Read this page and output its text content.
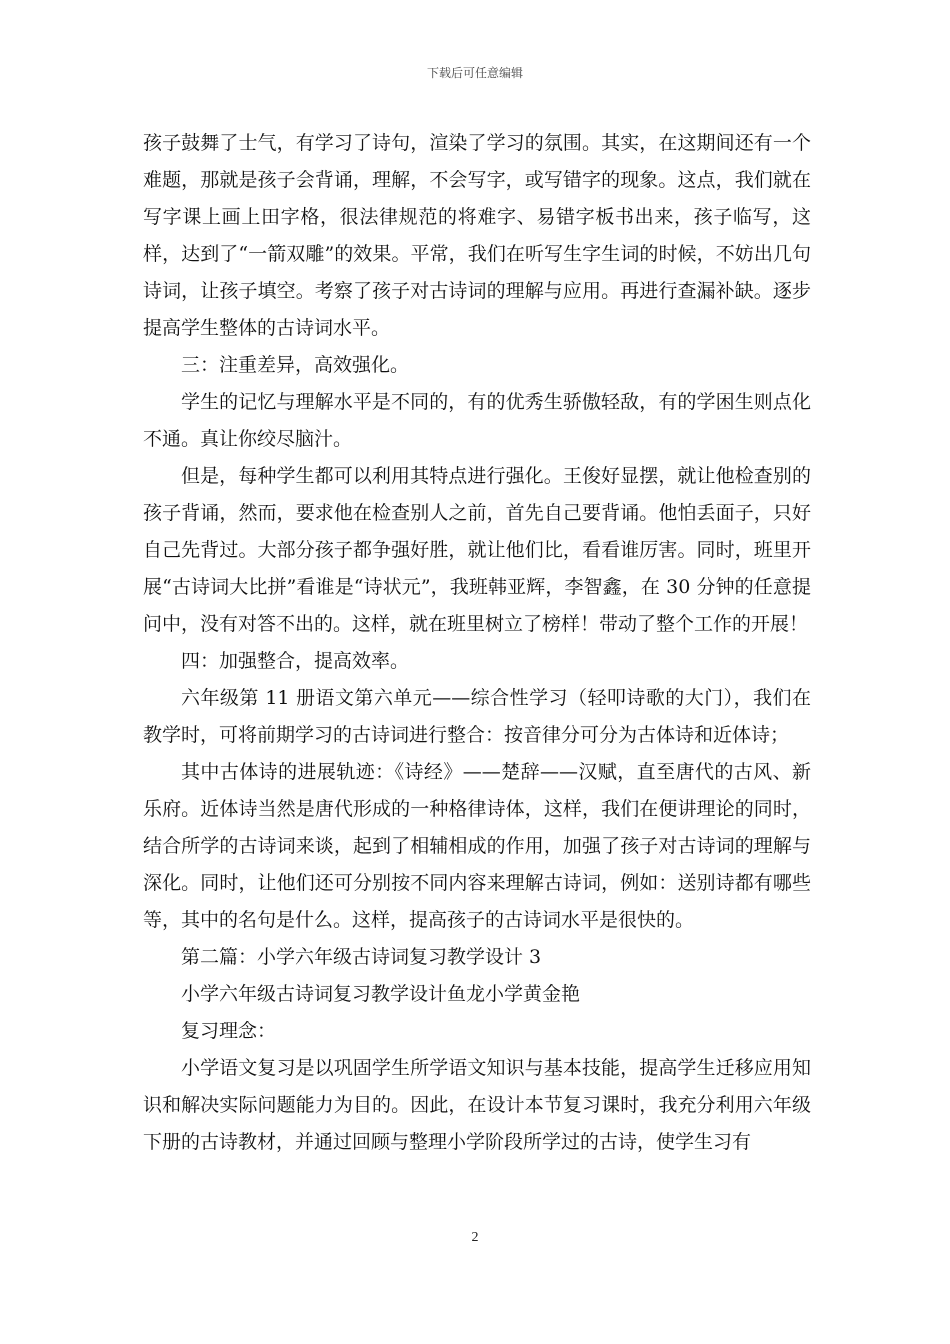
下载后可任意编辑

孩子鼓舞了士气，有学习了诗句，渲染了学习的氛围。其实，在这期间还有一个难题，那就是孩子会背诵，理解，不会写字，或写错字的现象。这点，我们就在写字课上画上田字格，很法律规范的将难字、易错字板书出来，孩子临写，这样，达到了“一箭双雕”的效果。平常，我们在听写生字生词的时候，不妨出几句诗词，让孩子填空。考察了孩子对古诗词的理解与应用。再进行查漏补缺。逐步提高学生整体的古诗词水平。

三：注重差异，高效强化。

学生的记忆与理解水平是不同的，有的优秀生骄傲轻敌，有的学困生则点化不通。真让你绞尽脑汁。

但是，每种学生都可以利用其特点进行强化。王俊好显摆，就让他检查别的孩子背诵，然而，要求他在检查别人之前，首先自己要背诵。他怕丢面子，只好自己先背过。大部分孩子都争强好胜，就让他们比，看看谁厉害。同时，班里开展“古诗词大比拼”看谁是“诗状元”，我班韩亚辉，李智鑫，在 30 分钟的任意提问中，没有对答不出的。这样，就在班里树立了榜样！带动了整个工作的开展！

四：加强整合，提高效率。

六年级第 11 册语文第六单元——综合性学习（轻叩诗歌的大门），我们在教学时，可将前期学习的古诗词进行整合：按音律分可分为古体诗和近体诗；

其中古体诗的进展轨迹：《诗经》——楚辞——汉赋，直至唐代的古风、新乐府。近体诗当然是唐代形成的一种格律诗体，这样，我们在便讲理论的同时，结合所学的古诗词来谈，起到了相辅相成的作用，加强了孩子对古诗词的理解与深化。同时，让他们还可分别按不同内容来理解古诗词，例如：送别诗都有哪些等，其中的名句是什么。这样，提高孩子的古诗词水平是很快的。

第二篇：小学六年级古诗词复习教学设计 3

小学六年级古诗词复习教学设计鱼龙小学黄金艳

复习理念：

小学语文复习是以巩固学生所学语文知识与基本技能，提高学生迁移应用知识和解决实际问题能力为目的。因此，在设计本节复习课时，我充分利用六年级下册的古诗教材，并通过回顾与整理小学阶段所学过的古诗，使学生习有

2
